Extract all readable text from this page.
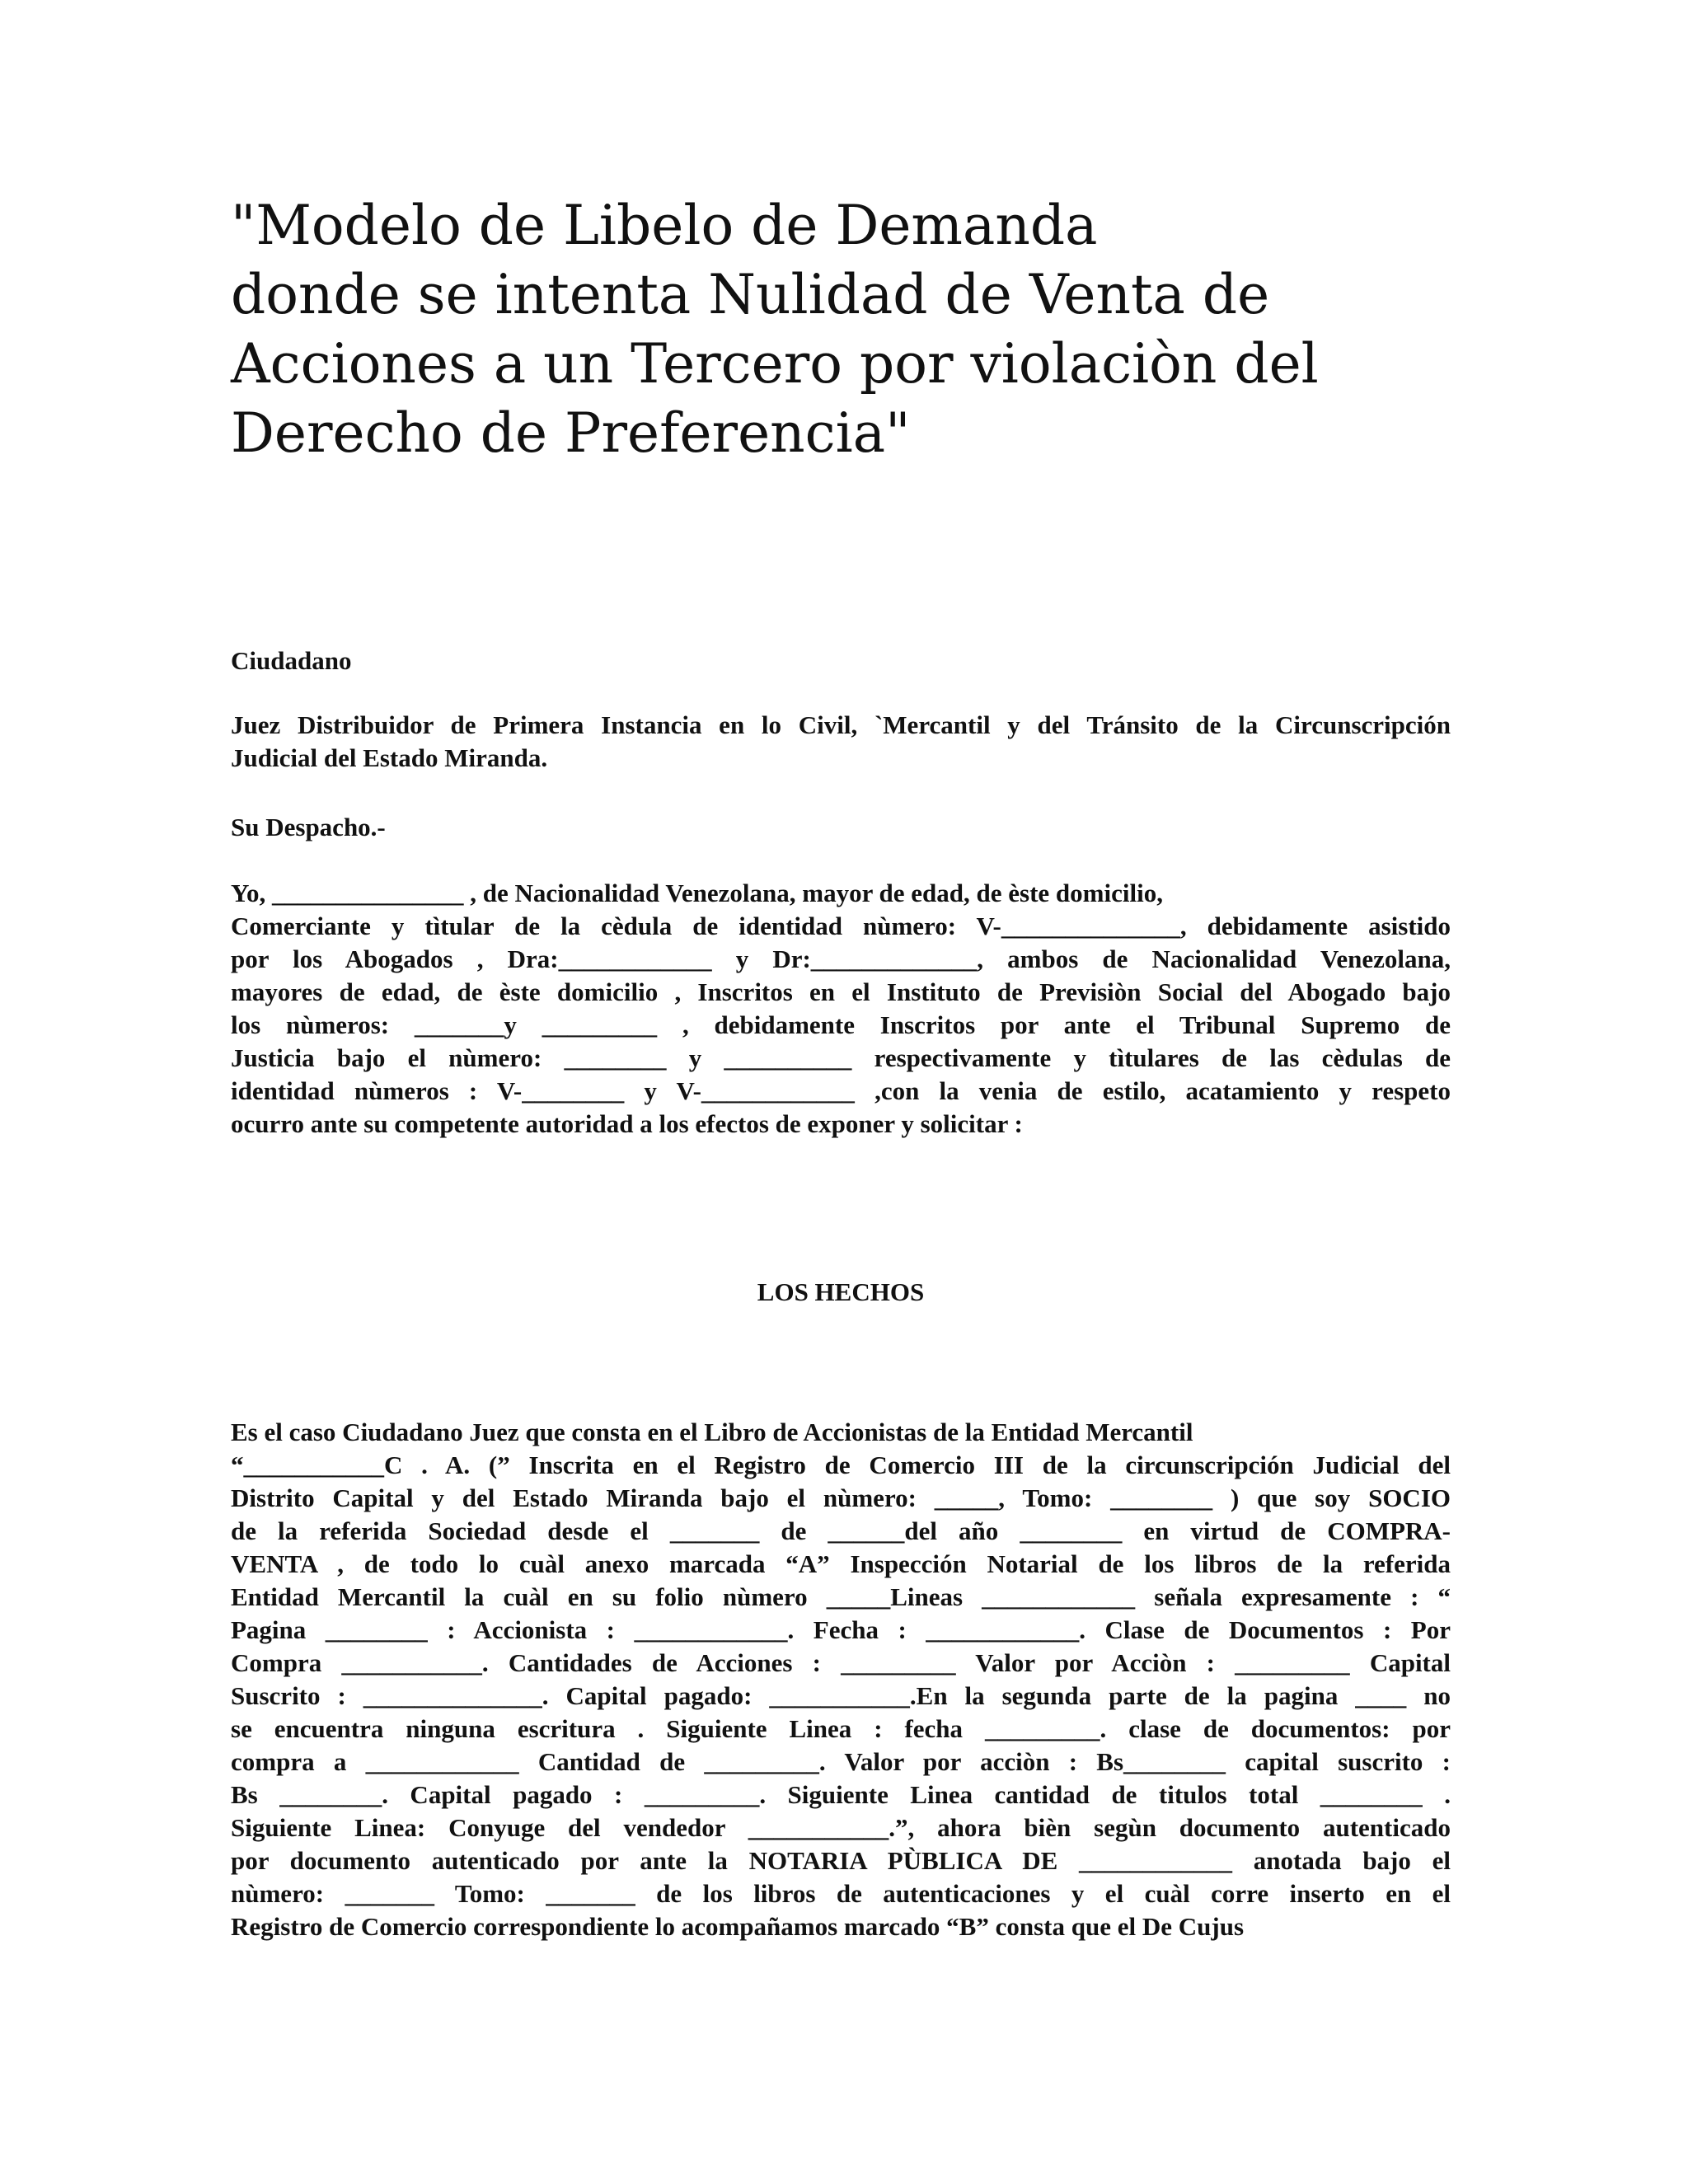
"Modelo de Libelo de Demanda
donde se intenta Nulidad de Venta de
Acciones a un Tercero por violaciòn del
Derecho de Preferencia"

Ciudadano

Juez Distribuidor de Primera Instancia en lo Civil, `Mercantil y del Tránsito de la Circunscripción
Judicial del Estado Miranda.

Su Despacho.-

Yo, _______________ , de Nacionalidad Venezolana, mayor de edad, de èste domicilio,
Comerciante y tìtular de la cèdula de identidad nùmero: V-______________, debidamente asistido
por los Abogados , Dra:____________ y Dr:_____________, ambos de Nacionalidad Venezolana,
mayores de edad, de èste domicilio , Inscritos en el Instituto de Previsiòn Social del Abogado bajo
los nùmeros: _______y _________ , debidamente Inscritos por ante el Tribunal Supremo de
Justicia bajo el nùmero: ________ y __________ respectivamente y tìtulares de las cèdulas de
identidad nùmeros : V-________ y V-____________ ,con la venia de estilo, acatamiento y respeto
ocurro ante su competente autoridad a los efectos de exponer y solicitar :

LOS HECHOS

Es el caso Ciudadano Juez que consta en el Libro de Accionistas de la Entidad Mercantil
“___________C . A. (” Inscrita en el Registro de Comercio III de la circunscripción Judicial del
Distrito Capital y del Estado Miranda bajo el nùmero: _____, Tomo: ________ ) que soy SOCIO
de la referida Sociedad desde el _______ de ______del año ________ en virtud de COMPRA-
VENTA , de todo lo cuàl anexo marcada “A” Inspección Notarial de los libros de la referida
Entidad Mercantil la cuàl en su folio nùmero _____Lineas ____________ señala expresamente : “
Pagina ________ : Accionista : ____________. Fecha : ____________. Clase de Documentos : Por
Compra ___________. Cantidades de Acciones : _________ Valor por Acciòn : _________ Capital
Suscrito : ______________. Capital pagado: ___________.En la segunda parte de la pagina ____ no
se encuentra ninguna escritura . Siguiente Linea : fecha _________. clase de documentos: por
compra a ____________ Cantidad de _________. Valor por acciòn : Bs________ capital suscrito :
Bs ________. Capital pagado : _________. Siguiente Linea cantidad de titulos total ________ .
Siguiente Linea: Conyuge del vendedor ___________.”, ahora bièn segùn documento autenticado
por documento autenticado por ante la NOTARIA PÙBLICA DE ____________ anotada bajo el
nùmero: _______ Tomo: _______ de los libros de autenticaciones y el cuàl corre inserto en el
Registro de Comercio correspondiente lo acompañamos marcado “B” consta que el De Cujus
